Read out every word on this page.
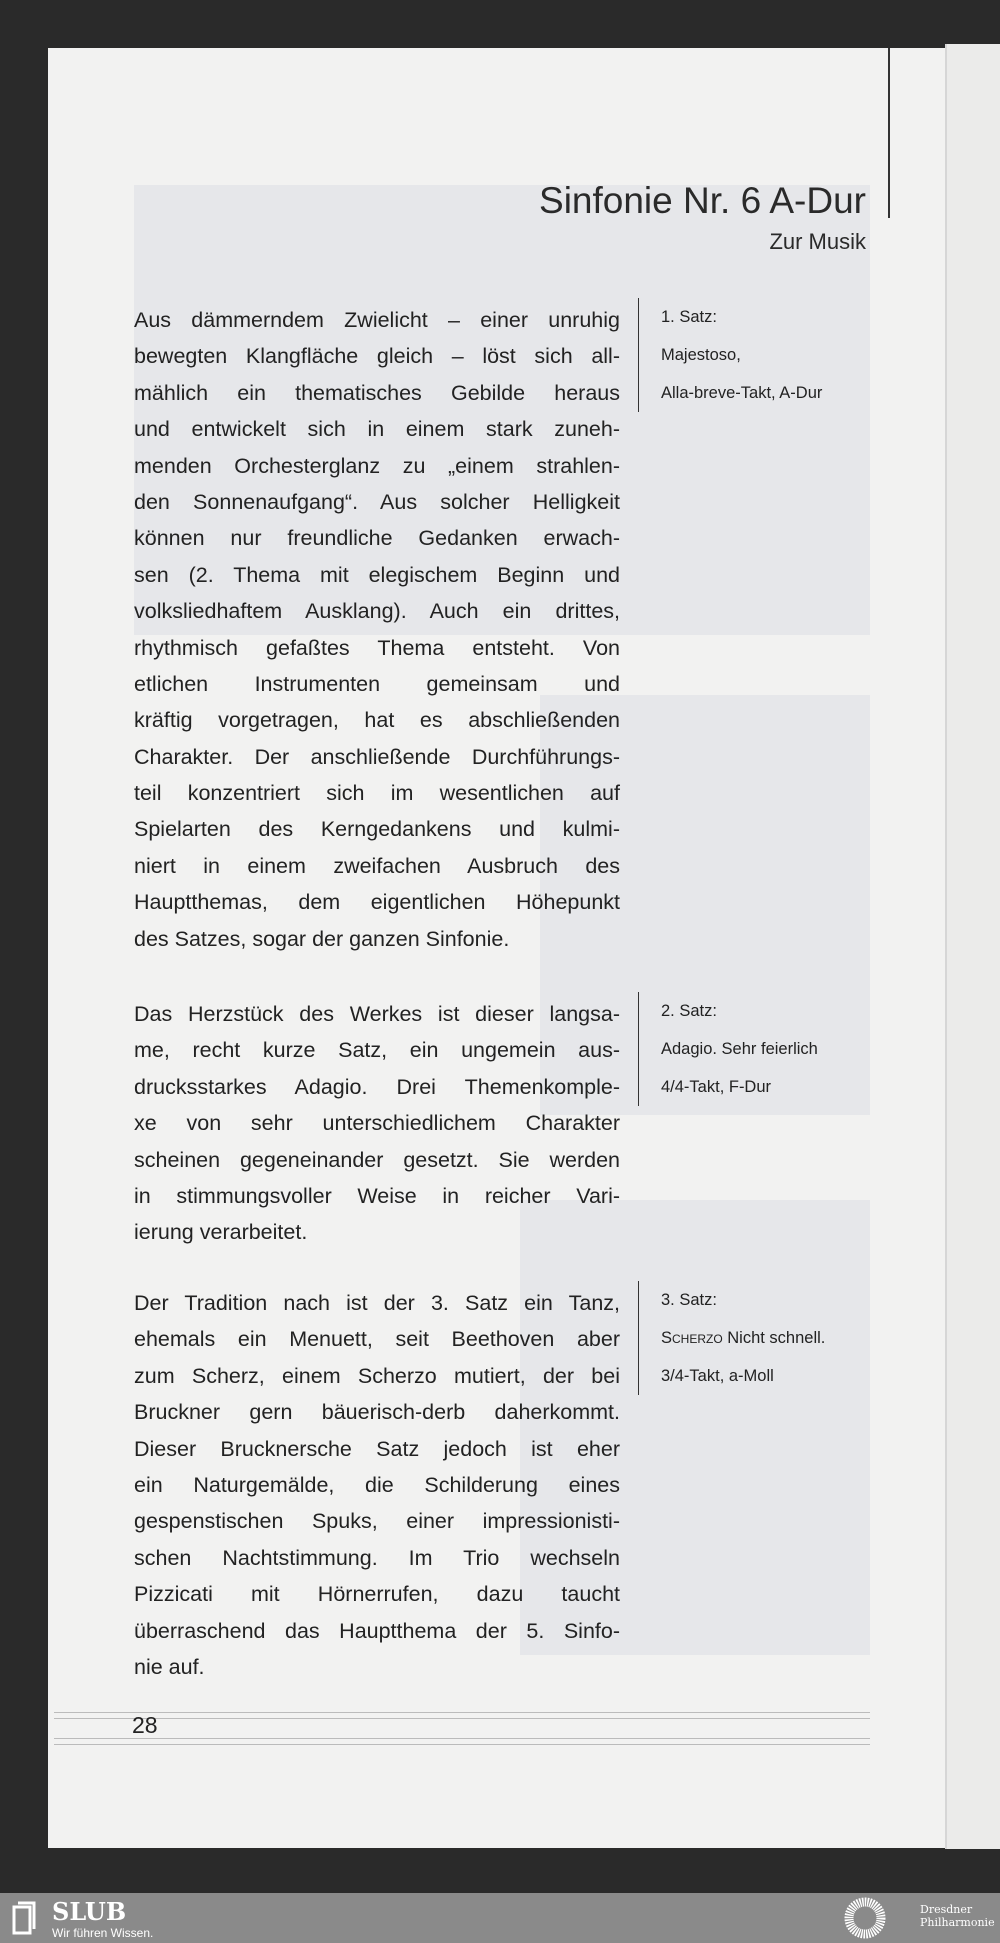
Sinfonie Nr. 6 A-Dur
Zur Musik
Aus dämmerndem Zwielicht – einer unruhig
bewegten Klangfläche gleich – löst sich all-
mählich ein thematisches Gebilde heraus
und entwickelt sich in einem stark zuneh-
menden Orchesterglanz zu „einem strahlen-
den Sonnenaufgang“. Aus solcher Helligkeit
können nur freundliche Gedanken erwach-
sen (2. Thema mit elegischem Beginn und
volksliedhaftem Ausklang). Auch ein drittes,
rhythmisch gefaßtes Thema entsteht. Von
etlichen Instrumenten gemeinsam und
kräftig vorgetragen, hat es abschließenden
Charakter. Der anschließende Durchführungs-
teil konzentriert sich im wesentlichen auf
Spielarten des Kerngedankens und kulmi-
niert in einem zweifachen Ausbruch des
Hauptthemas, dem eigentlichen Höhepunkt
des Satzes, sogar der ganzen Sinfonie.
1. Satz:
Majestoso,
Alla-breve-Takt, A-Dur
Das Herzstück des Werkes ist dieser langsa-
me, recht kurze Satz, ein ungemein aus-
drucksstarkes Adagio. Drei Themenkomple-
xe von sehr unterschiedlichem Charakter
scheinen gegeneinander gesetzt. Sie werden
in stimmungsvoller Weise in reicher Vari-
ierung verarbeitet.
2. Satz:
Adagio. Sehr feierlich
4/4-Takt, F-Dur
Der Tradition nach ist der 3. Satz ein Tanz,
ehemals ein Menuett, seit Beethoven aber
zum Scherz, einem Scherzo mutiert, der bei
Bruckner gern bäuerisch-derb daherkommt.
Dieser Brucknersche Satz jedoch ist eher
ein Naturgemälde, die Schilderung eines
gespenstischen Spuks, einer impressionisti-
schen Nachtstimmung. Im Trio wechseln
Pizzicati mit Hörnerrufen, dazu taucht
überraschend das Hauptthema der 5. Sinfo-
nie auf.
3. Satz:
Scherzo Nicht schnell.
3/4-Takt, a-Moll
28
SLUB
Wir führen Wissen.
Dresdner
Philharmonie
